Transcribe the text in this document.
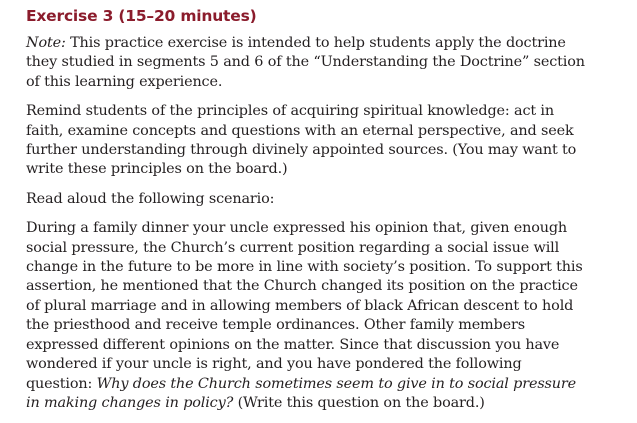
Exercise 3 (15–20 minutes)

Note: This practice exercise is intended to help students apply the doctrine they studied in segments 5 and 6 of the “Understanding the Doctrine” section of this learning experience.

Remind students of the principles of acquiring spiritual knowledge: act in faith, examine concepts and questions with an eternal perspective, and seek further understanding through divinely appointed sources. (You may want to write these principles on the board.)

Read aloud the following scenario:

During a family dinner your uncle expressed his opinion that, given enough social pressure, the Church’s current position regarding a social issue will change in the future to be more in line with society’s position. To support this assertion, he mentioned that the Church changed its position on the practice of plural marriage and in allowing members of black African descent to hold the priesthood and receive temple ordinances. Other family members expressed different opinions on the matter. Since that discussion you have wondered if your uncle is right, and you have pondered the following question: Why does the Church sometimes seem to give in to social pressure in making changes in policy? (Write this question on the board.)
